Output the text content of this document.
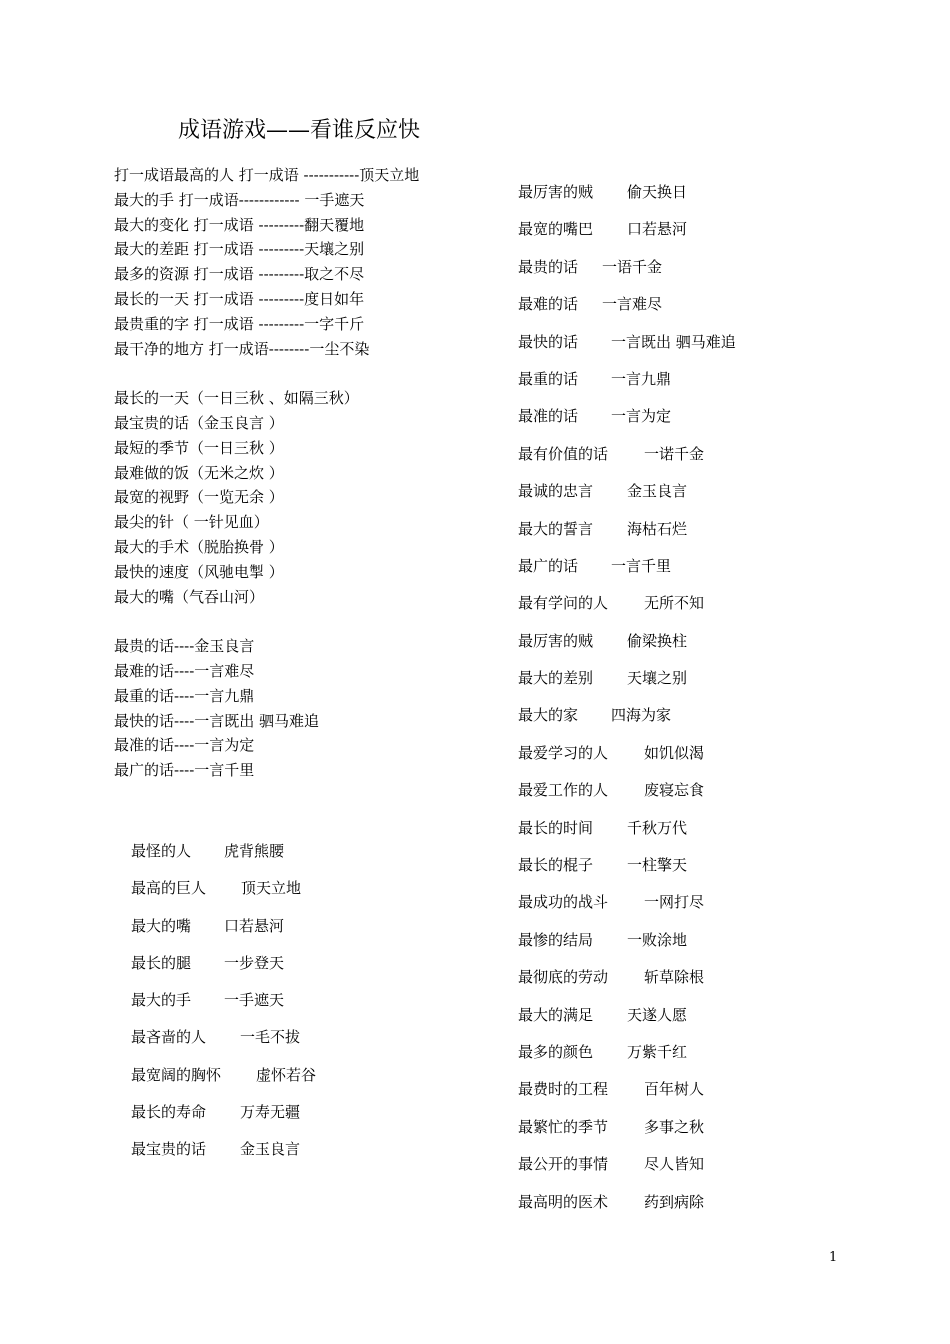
成语游戏——看谁反应快

打一成语最高的人 打一成语 -----------顶天立地

最大的手 打一成语------------ 一手遮天
最大的变化 打一成语 ---------翻天覆地
最大的差距 打一成语 ---------天壤之别
最多的资源 打一成语 ---------取之不尽
最长的一天 打一成语 ---------度日如年
最贵重的字 打一成语 ---------一字千斤
最干净的地方 打一成语--------一尘不染
最长的一天（一日三秋 、如隔三秋）
最宝贵的话（金玉良言 ）
最短的季节（一日三秋 ）
最难做的饭（无米之炊 ）
最宽的视野（一览无余 ）
最尖的针（ 一针见血）
最大的手术（脱胎换骨 ）
最快的速度（风驰电掣 ）
最大的嘴（气吞山河）
最贵的话----金玉良言
最难的话----一言难尽
最重的话----一言九鼎
最快的话----一言既出 驷马难追
最准的话----一言为定
最广的话----一言千里
最怪的人 虎背熊腰
最高的巨人 顶天立地
最大的嘴 口若悬河
最长的腿 一步登天
最大的手 一手遮天
最吝啬的人 一毛不拔
最宽阔的胸怀 虚怀若谷
最长的寿命 万寿无疆
最宝贵的话 金玉良言
最厉害的贼 偷天换日
最宽的嘴巴 口若悬河
最贵的话 一语千金
最难的话 一言难尽
最快的话 一言既出 驷马难追
最重的话 一言九鼎
最准的话 一言为定
最有价值的话 一诺千金
最诚的忠言 金玉良言
最大的誓言 海枯石烂
最广的话 一言千里
最有学问的人 无所不知
最厉害的贼 偷梁换柱
最大的差别 天壤之别
最大的家 四海为家
最爱学习的人 如饥似渴
最爱工作的人 废寝忘食
最长的时间 千秋万代
最长的棍子 一柱擎天
最成功的战斗 一网打尽
最惨的结局 一败涂地
最彻底的劳动 斩草除根
最大的满足 天遂人愿
最多的颜色 万紫千红
最费时的工程 百年树人
最繁忙的季节 多事之秋
最公开的事情 尽人皆知
最高明的医术 药到病除
1
